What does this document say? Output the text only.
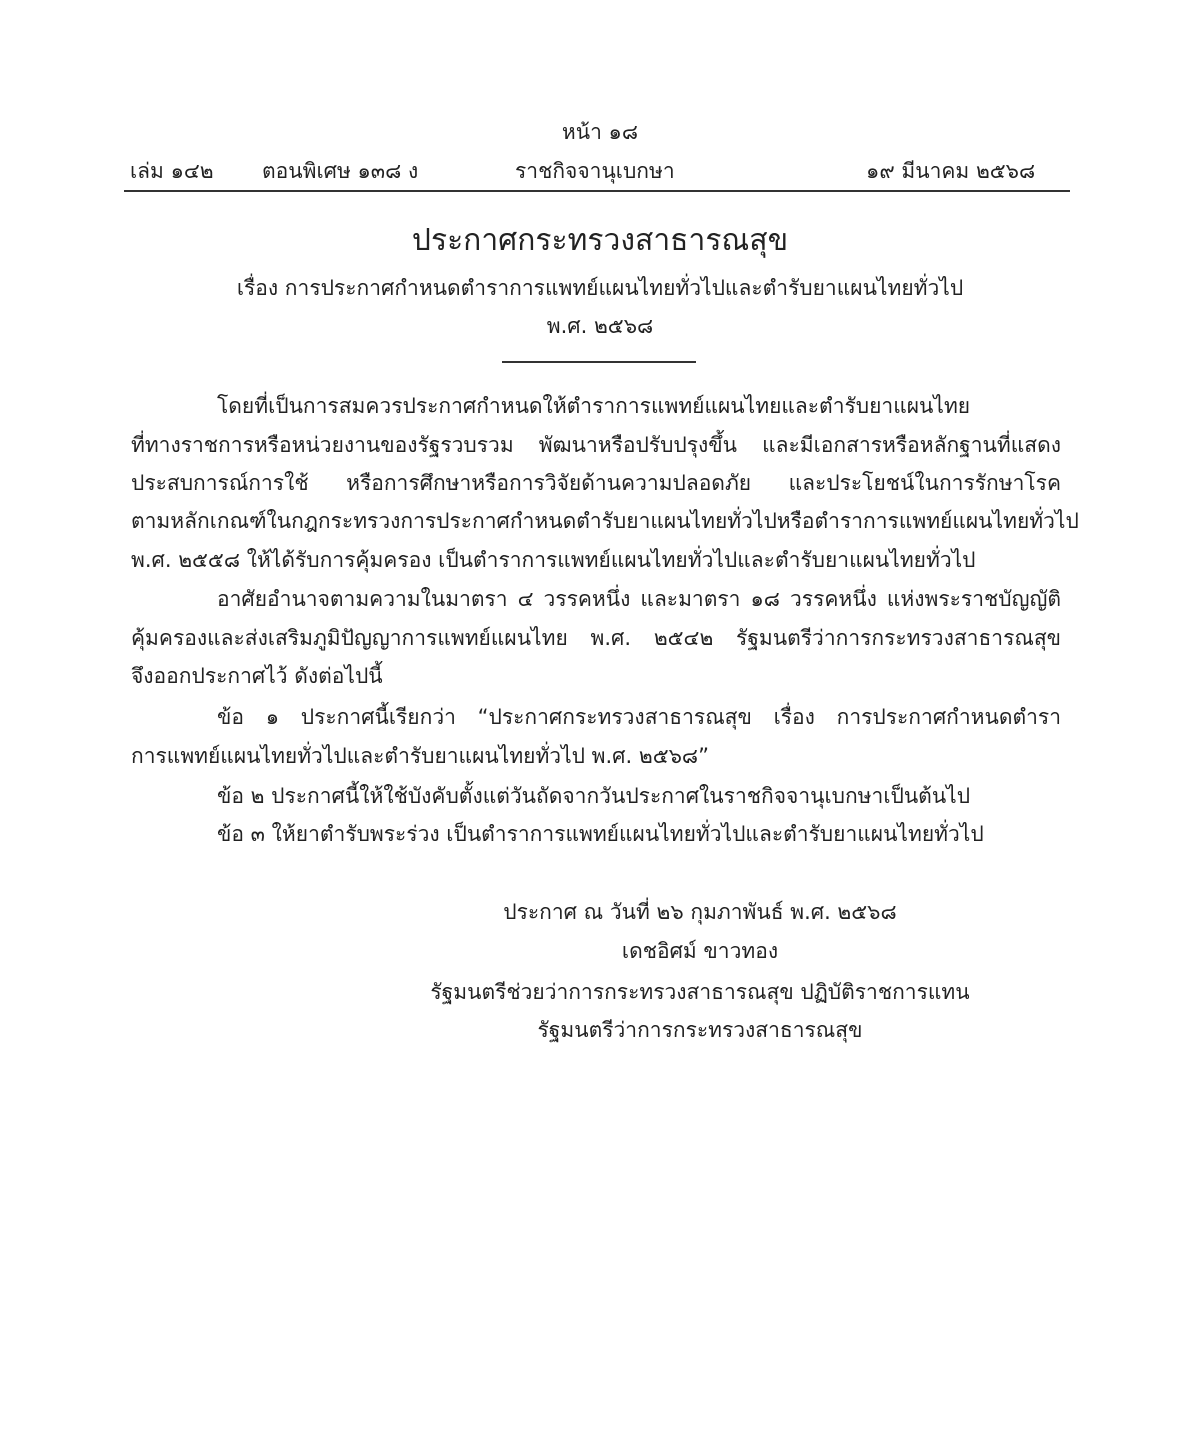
หน้า ๑๘
เล่ม ๑๔๒ ตอนพิเศษ ๑๓๘ ง	ราชกิจจานุเบกษา	๑๙ มีนาคม ๒๕๖๘
ประกาศกระทรวงสาธารณสุข
เรื่อง การประกาศกำหนดตำราการแพทย์แผนไทยทั่วไปและตำรับยาแผนไทยทั่วไป
พ.ศ. ๒๕๖๘
โดยที่เป็นการสมควรประกาศกำหนดให้ตำราการแพทย์แผนไทยและตำรับยาแผนไทย
ที่ทางราชการหรือหน่วยงานของรัฐรวบรวม พัฒนาหรือปรับปรุงขึ้น และมีเอกสารหรือหลักฐานที่แสดง
ประสบการณ์การใช้ หรือการศึกษาหรือการวิจัยด้านความปลอดภัย และประโยชน์ในการรักษาโรค
ตามหลักเกณฑ์ในกฎกระทรวงการประกาศกำหนดตำรับยาแผนไทยทั่วไปหรือตำราการแพทย์แผนไทยทั่วไป
พ.ศ. ๒๕๕๘ ให้ได้รับการคุ้มครอง เป็นตำราการแพทย์แผนไทยทั่วไปและตำรับยาแผนไทยทั่วไป
อาศัยอำนาจตามความในมาตรา ๔ วรรคหนึ่ง และมาตรา ๑๘ วรรคหนึ่ง แห่งพระราชบัญญัติ
คุ้มครองและส่งเสริมภูมิปัญญาการแพทย์แผนไทย พ.ศ. ๒๕๔๒ รัฐมนตรีว่าการกระทรวงสาธารณสุข
จึงออกประกาศไว้ ดังต่อไปนี้
ข้อ ๑ ประกาศนี้เรียกว่า “ประกาศกระทรวงสาธารณสุข เรื่อง การประกาศกำหนดตำรา
การแพทย์แผนไทยทั่วไปและตำรับยาแผนไทยทั่วไป พ.ศ. ๒๕๖๘”
ข้อ ๒ ประกาศนี้ให้ใช้บังคับตั้งแต่วันถัดจากวันประกาศในราชกิจจานุเบกษาเป็นต้นไป
ข้อ ๓ ให้ยาตำรับพระร่วง เป็นตำราการแพทย์แผนไทยทั่วไปและตำรับยาแผนไทยทั่วไป
ประกาศ ณ วันที่ ๒๖ กุมภาพันธ์ พ.ศ. ๒๕๖๘
เดชอิศม์ ขาวทอง
รัฐมนตรีช่วยว่าการกระทรวงสาธารณสุข ปฏิบัติราชการแทน
รัฐมนตรีว่าการกระทรวงสาธารณสุข
